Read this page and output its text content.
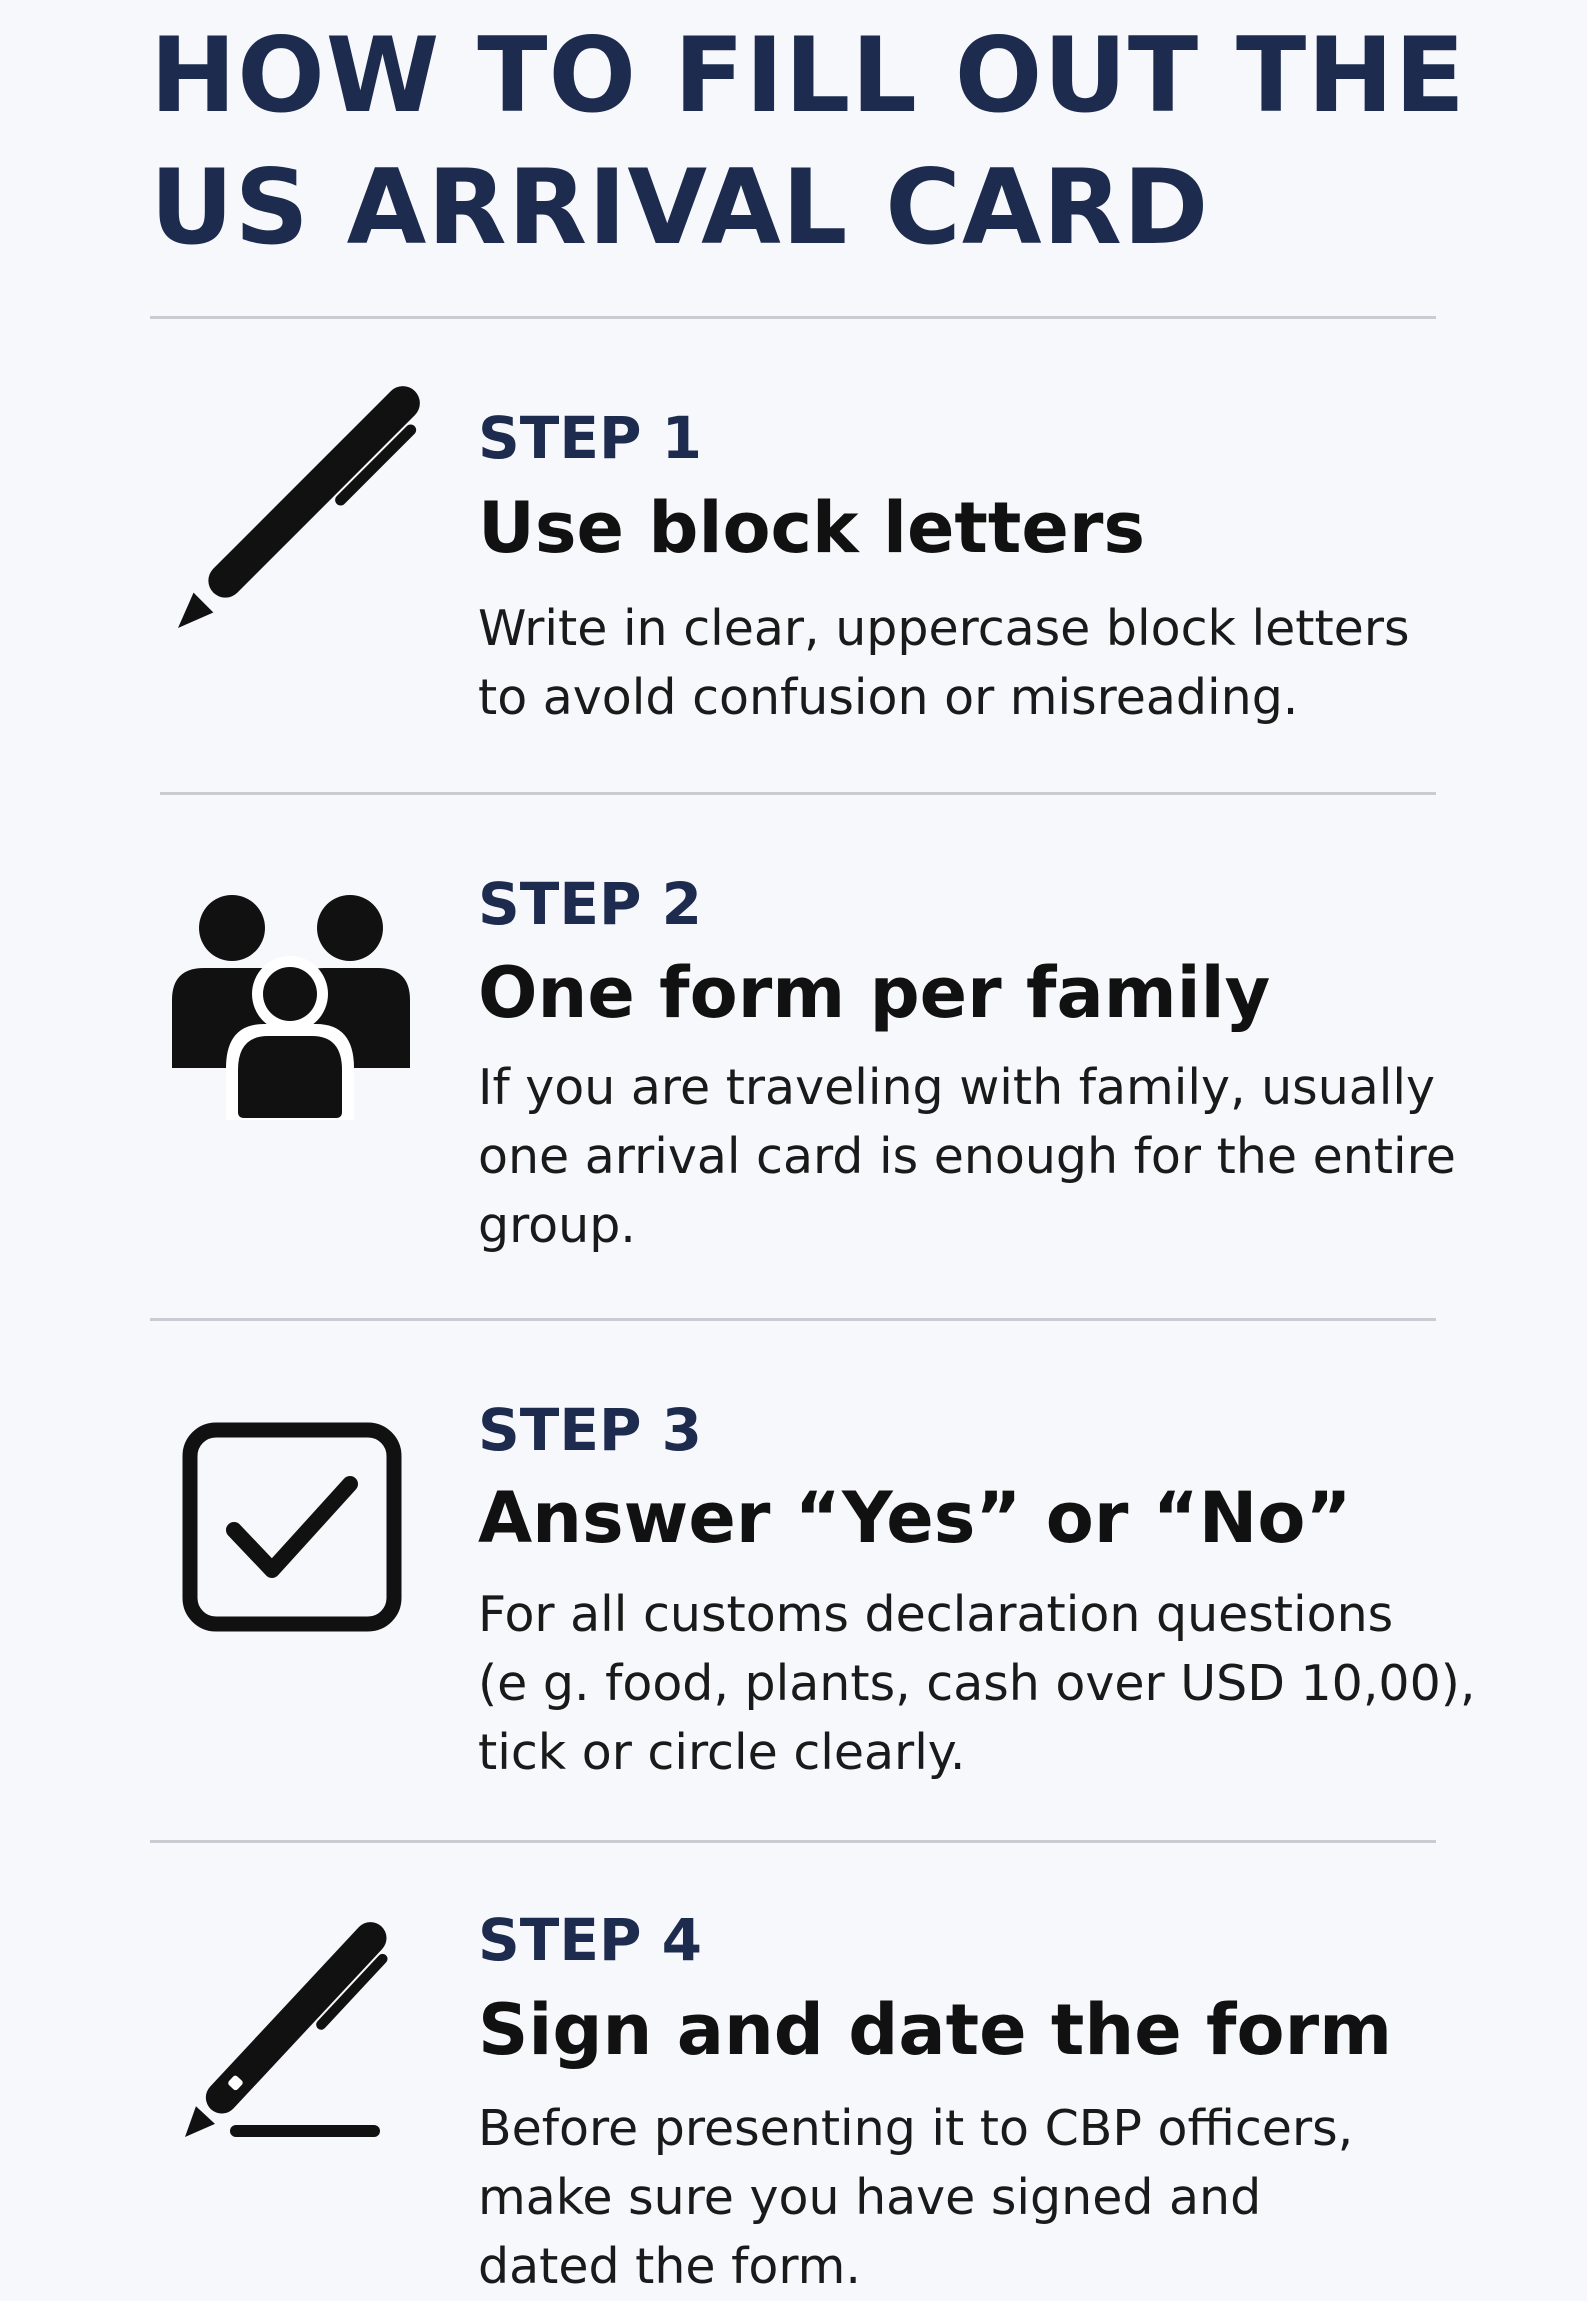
HOW TO FILL OUT THE
US ARRIVAL CARD
STEP 1
Use block letters
Write in clear, uppercase block letters
to avold confusion or misreading.
STEP 2
One form per family
If you are traveling with family, usually
one arrival card is enough for the entire
group.
STEP 3
Answer “Yes” or “No”
For all customs declaration questions
(e g. food, plants, cash over USD 10,00),
tick or circle clearly.
STEP 4
Sign and date the form
Before presenting it to CBP officers,
make sure you have signed and
dated the form.
